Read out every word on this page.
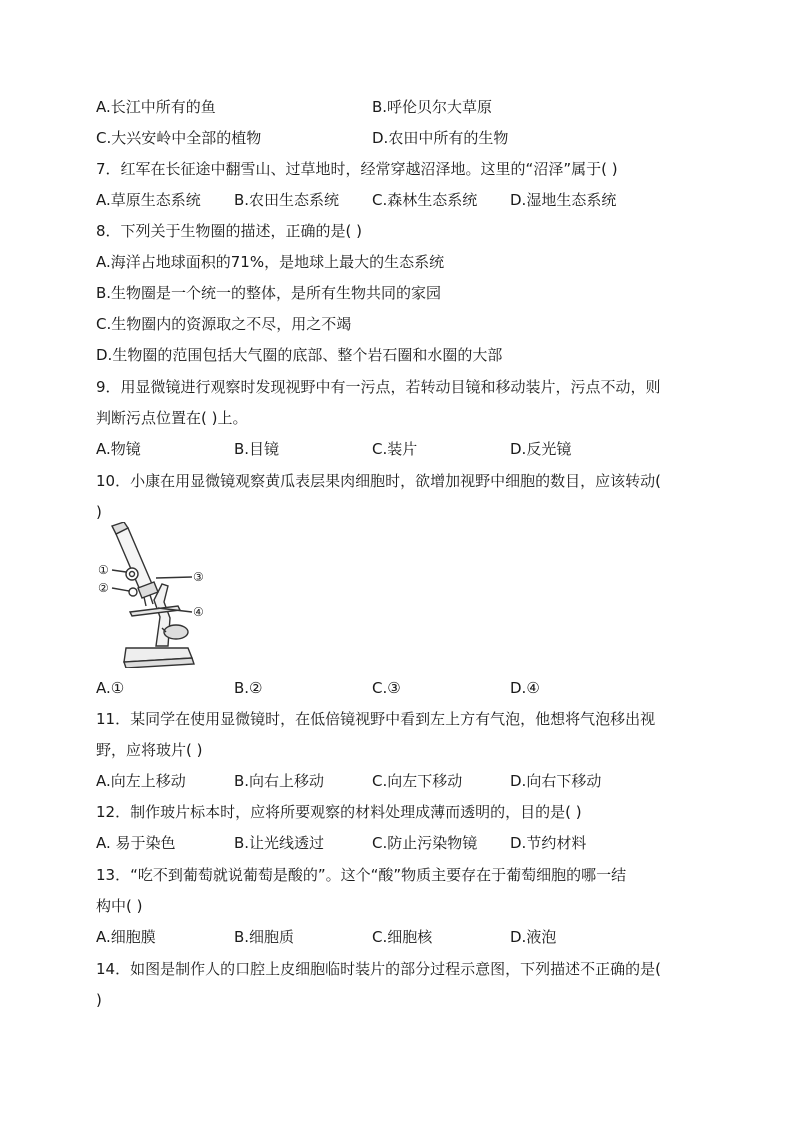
A.长江中所有的鱼	B.呼伦贝尔大草原
C.大兴安岭中全部的植物	D.农田中所有的生物
7．红军在长征途中翻雪山、过草地时，经常穿越沼泽地。这里的“沼泽”属于( )
A.草原生态系统 B.农田生态系统 C.森林生态系统 D.湿地生态系统
8．下列关于生物圈的描述，正确的是( )
A.海洋占地球面积的71%，是地球上最大的生态系统
B.生物圈是一个统一的整体，是所有生物共同的家园
C.生物圈内的资源取之不尽，用之不竭
D.生物圈的范围包括大气圈的底部、整个岩石圈和水圈的大部
9．用显微镜进行观察时发现视野中有一污点，若转动目镜和移动装片，污点不动，则
判断污点位置在( )上。
A.物镜	B.目镜	C.装片	D.反光镜
10．小康在用显微镜观察黄瓜表层果肉细胞时，欲增加视野中细胞的数目，应该转动(
)
①
②
③
④
A.①	B.②	C.③	D.④
11．某同学在使用显微镜时，在低倍镜视野中看到左上方有气泡，他想将气泡移出视
野，应将玻片( )
A.向左上移动	B.向右上移动	C.向左下移动	D.向右下移动
12．制作玻片标本时，应将所要观察的材料处理成薄而透明的，目的是( )
A. 易于染色	B.让光线透过	C.防止污染物镜 D.节约材料
13．“吃不到葡萄就说葡萄是酸的”。这个“酸”物质主要存在于葡萄细胞的哪一结
构中( )
A.细胞膜	B.细胞质	C.细胞核	D.液泡
14．如图是制作人的口腔上皮细胞临时装片的部分过程示意图，下列描述不正确的是(
)
